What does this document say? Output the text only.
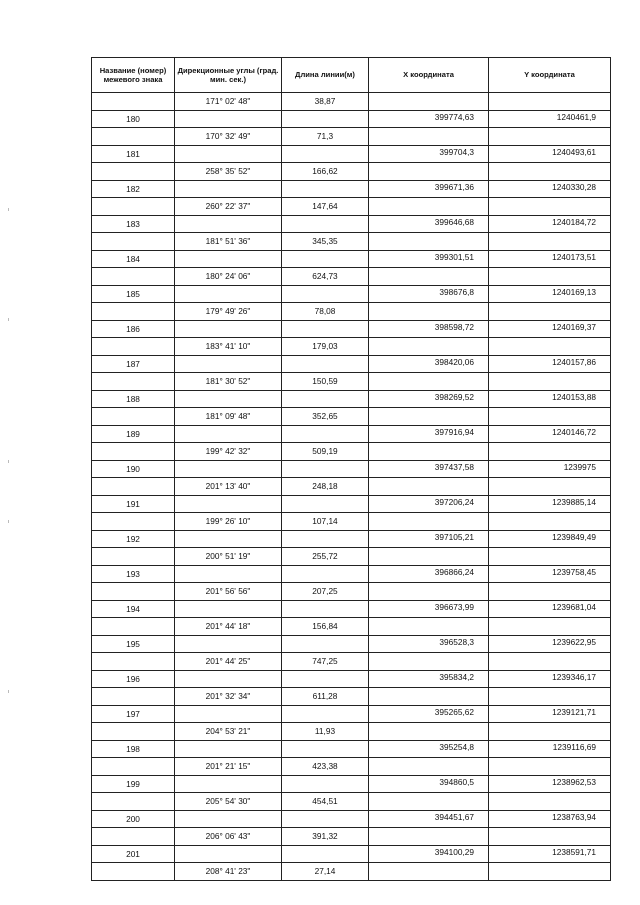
Название (номер) межевого знака	Дирекционные углы (град. мин. сек.)	Длина линии(м)	X координата	Y координата

	171° 02' 48"	38,87		

180			399774,63	1240461,9

	170° 32' 49"	71,3		

181			399704,3	1240493,61

	258° 35' 52"	166,62		

182			399671,36	1240330,28

	260° 22' 37"	147,64		

183			399646,68	1240184,72

	181° 51' 36"	345,35		

184			399301,51	1240173,51

	180° 24' 06"	624,73		

185			398676,8	1240169,13

	179° 49' 26"	78,08		

186			398598,72	1240169,37

	183° 41' 10"	179,03		

187			398420,06	1240157,86

	181° 30' 52"	150,59		

188			398269,52	1240153,88

	181° 09' 48"	352,65		

189			397916,94	1240146,72

	199° 42' 32"	509,19		

190			397437,58	1239975

	201° 13' 40"	248,18		

191			397206,24	1239885,14

	199° 26' 10"	107,14		

192			397105,21	1239849,49

	200° 51' 19"	255,72		

193			396866,24	1239758,45

	201° 56' 56"	207,25		

194			396673,99	1239681,04

	201° 44' 18"	156,84		

195			396528,3	1239622,95

	201° 44' 25"	747,25		

196			395834,2	1239346,17

	201° 32' 34"	611,28		

197			395265,62	1239121,71

	204° 53' 21"	11,93		

198			395254,8	1239116,69

	201° 21' 15"	423,38		

199			394860,5	1238962,53

	205° 54' 30"	454,51		

200			394451,67	1238763,94

	206° 06' 43"	391,32		

201			394100,29	1238591,71

	208° 41' 23"	27,14		
